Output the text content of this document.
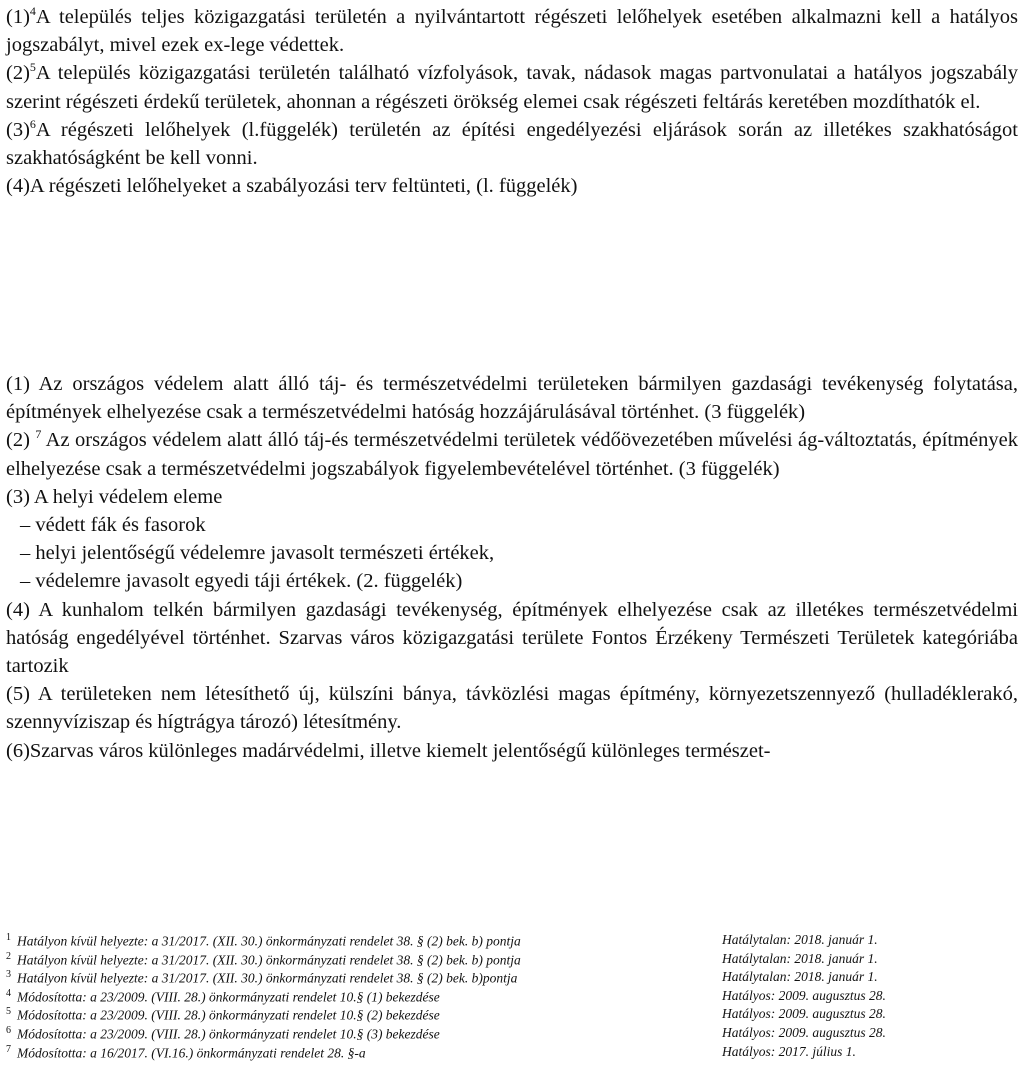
$(1)^4A$ település teljes közigazgatási területén a nyilvántartott régészeti lelőhelyek esetében alkalmazni kell a hatályos jogszabályt, mivel ezek ex-lege védettek.

$(2)^5A$ település közigazgatási területén található vízfolyások, tavak, nádasok magas partvonulatai a hatályos jogszabály szerint régészeti érdekű területek, ahonnan a régészeti örökség elemei csak régészeti feltárás keretében mozdíthatók el.

$(3)^6A$ régészeti lelőhelyek (l.függelék) területén az építési engedélyezési eljárások során az illetékes szakhatóságot szakhatóságként be kell vonni.

(4)A régészeti lelőhelyeket a szabályozási terv feltünteti, (l. függelék)

(1) Az országos védelem alatt álló táj- és természetvédelmi területeken bármilyen gazdasági tevékenység folytatása, építmények elhelyezése csak a természetvédelmi hatóság hozzájárulásával történhet. (3 függelék)

(2) $^7$ Az országos védelem alatt álló táj-és természetvédelmi területek védőövezetében művelési ág-változtatás, építmények elhelyezése csak a természetvédelmi jogszabályok figyelembevételével történhet. (3 függelék)

(3) A helyi védelem eleme

– védett fák és fasorok

– helyi jelentőségű védelemre javasolt természeti értékek,

– védelemre javasolt egyedi táji értékek. (2. függelék)

(4) A kunhalom telkén bármilyen gazdasági tevékenység, építmények elhelyezése csak az illetékes természetvédelmi hatóság engedélyével történhet. Szarvas város közigazgatási területe Fontos Érzékeny Természeti Területek kategóriába tartozik

(5) A területeken nem létesíthető új, külszíni bánya, távközlési magas építmény, környezetszennyező (hulladéklerakó, szennyvíziszap és hígtrágya tározó) létesítmény.

(6)Szarvas város különleges madárvédelmi, illetve kiemelt jelentőségű különleges természet-

$^1$ Hatályon kívül helyezte: a 31/2017. (XII. 30.) önkormányzati rendelet 38. § (2) bek. b) pontja	Hatálytalan: 2018. január 1.
$^2$ Hatályon kívül helyezte: a 31/2017. (XII. 30.) önkormányzati rendelet 38. § (2) bek. b) pontja	Hatálytalan: 2018. január 1.
$^3$ Hatályon kívül helyezte: a 31/2017. (XII. 30.) önkormányzati rendelet 38. § (2) bek. b)pontja	Hatálytalan: 2018. január 1.
$^4$ Módosította: a 23/2009. (VIII. 28.) önkormányzati rendelet 10.§ (1) bekezdése	Hatályos: 2009. augusztus 28.
$^5$ Módosította: a 23/2009. (VIII. 28.) önkormányzati rendelet 10.§ (2) bekezdése	Hatályos: 2009. augusztus 28.
$^6$ Módosította: a 23/2009. (VIII. 28.) önkormányzati rendelet 10.§ (3) bekezdése	Hatályos: 2009. augusztus 28.
$^7$ Módosította: a 16/2017. (VI.16.) önkormányzati rendelet 28. §-a	Hatályos: 2017. július 1.
